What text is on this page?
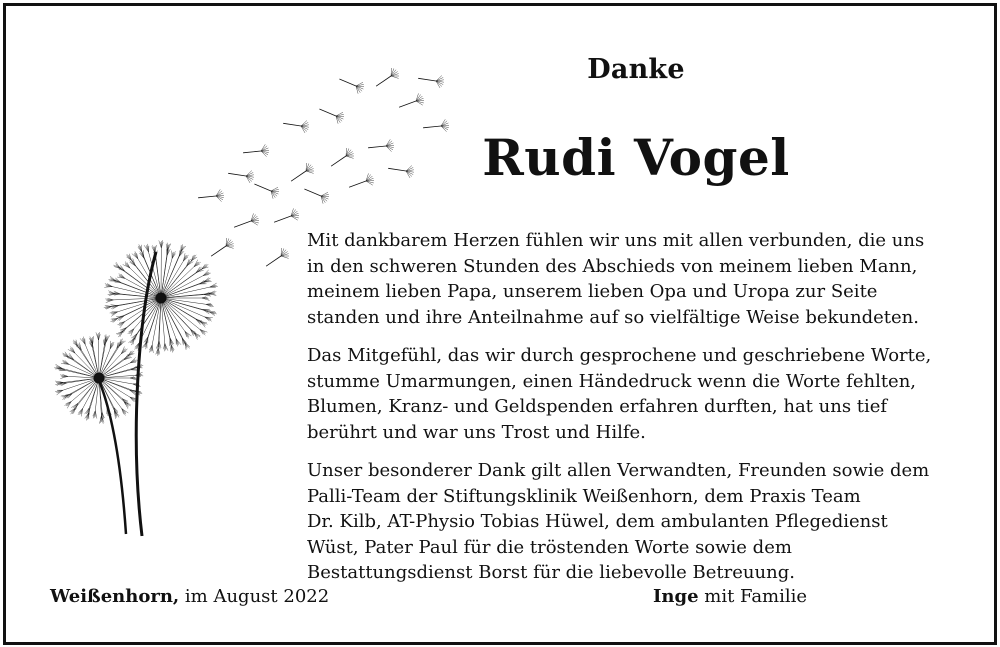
Danke
Rudi Vogel

Mit dankbarem Herzen fühlen wir uns mit allen verbunden, die uns
in den schweren Stunden des Abschieds von meinem lieben Mann,
meinem lieben Papa, unserem lieben Opa und Uropa zur Seite
standen und ihre Anteilnahme auf so vielfältige Weise bekundeten.

Das Mitgefühl, das wir durch gesprochene und geschriebene Worte,
stumme Umarmungen, einen Händedruck wenn die Worte fehlten,
Blumen, Kranz- und Geldspenden erfahren durften, hat uns tief
berührt und war uns Trost und Hilfe.

Unser besonderer Dank gilt allen Verwandten, Freunden sowie dem
Palli-Team der Stiftungsklinik Weißenhorn, dem Praxis Team
Dr. Kilb, AT-Physio Tobias Hüwel, dem ambulanten Pflegedienst
Wüst, Pater Paul für die tröstenden Worte sowie dem
Bestattungsdienst Borst für die liebevolle Betreuung.

Weißenhorn, im August 2022	Inge mit Familie
